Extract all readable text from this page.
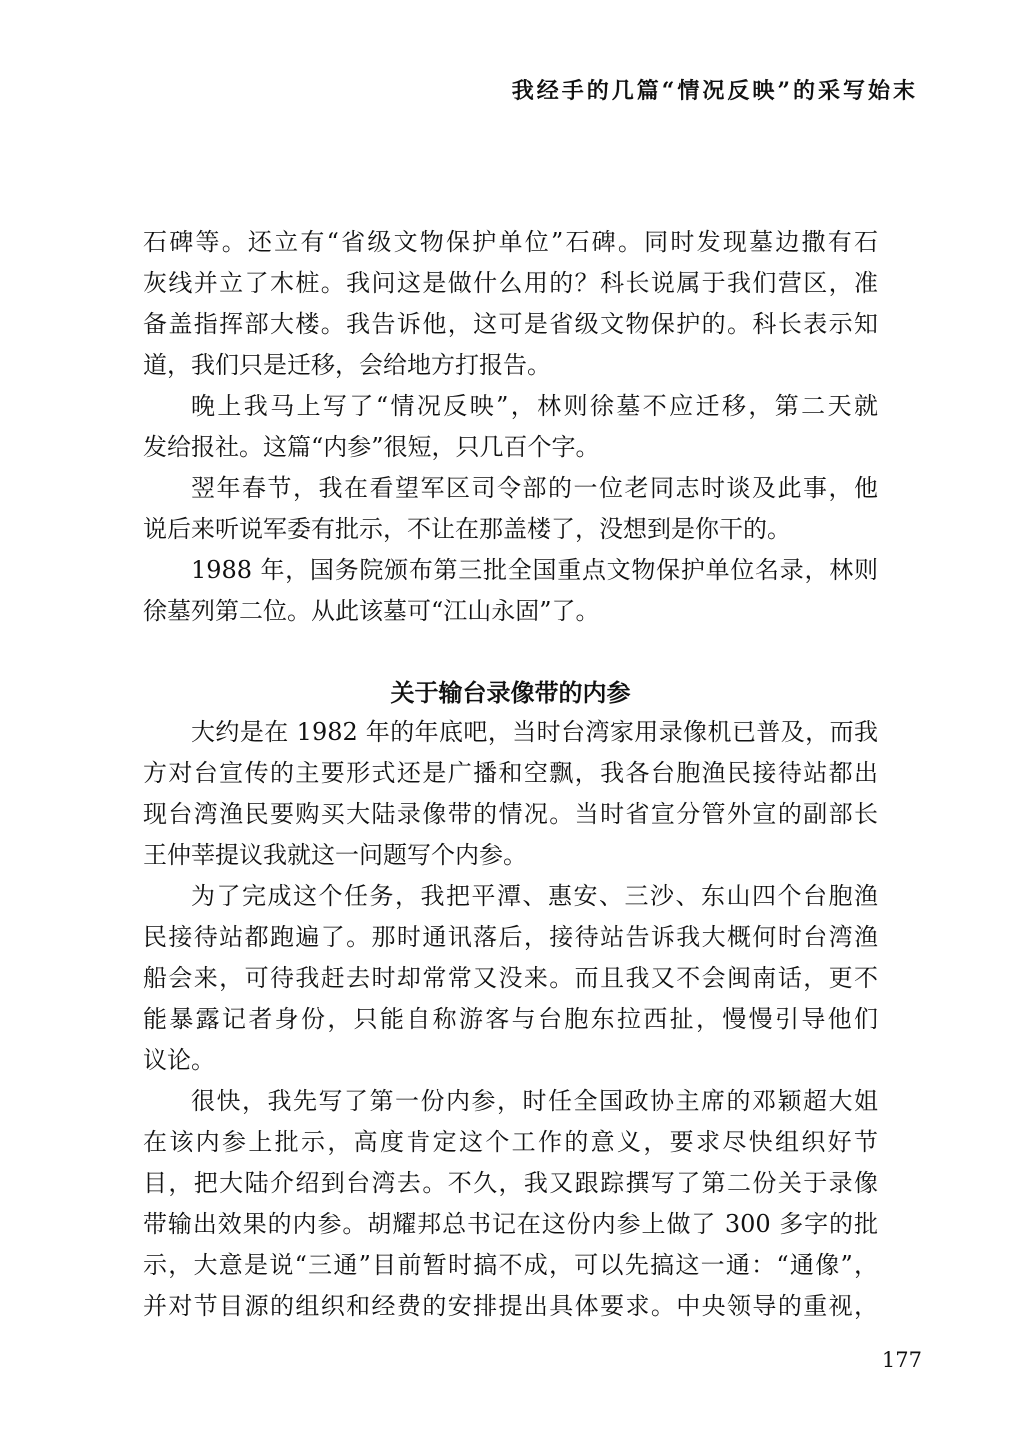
我经手的几篇“情况反映”的采写始末
石碑等。还立有“省级文物保护单位”石碑。同时发现墓边撒有石
灰线并立了木桩。我问这是做什么用的？科长说属于我们营区，准
备盖指挥部大楼。我告诉他，这可是省级文物保护的。科长表示知
道，我们只是迁移，会给地方打报告。
晚上我马上写了“情况反映”，林则徐墓不应迁移，第二天就
发给报社。这篇“内参”很短，只几百个字。
翌年春节，我在看望军区司令部的一位老同志时谈及此事，他
说后来听说军委有批示，不让在那盖楼了，没想到是你干的。
1988 年，国务院颁布第三批全国重点文物保护单位名录，林则
徐墓列第二位。从此该墓可“江山永固”了。
关于输台录像带的内参
大约是在 1982 年的年底吧，当时台湾家用录像机已普及，而我
方对台宣传的主要形式还是广播和空飘，我各台胞渔民接待站都出
现台湾渔民要购买大陆录像带的情况。当时省宣分管外宣的副部长
王仲莘提议我就这一问题写个内参。
为了完成这个任务，我把平潭、惠安、三沙、东山四个台胞渔
民接待站都跑遍了。那时通讯落后，接待站告诉我大概何时台湾渔
船会来，可待我赶去时却常常又没来。而且我又不会闽南话，更不
能暴露记者身份，只能自称游客与台胞东拉西扯，慢慢引导他们
议论。
很快，我先写了第一份内参，时任全国政协主席的邓颖超大姐
在该内参上批示，高度肯定这个工作的意义，要求尽快组织好节
目，把大陆介绍到台湾去。不久，我又跟踪撰写了第二份关于录像
带输出效果的内参。胡耀邦总书记在这份内参上做了 300 多字的批
示，大意是说“三通”目前暂时搞不成，可以先搞这一通：“通像”，
并对节目源的组织和经费的安排提出具体要求。中央领导的重视，
177
